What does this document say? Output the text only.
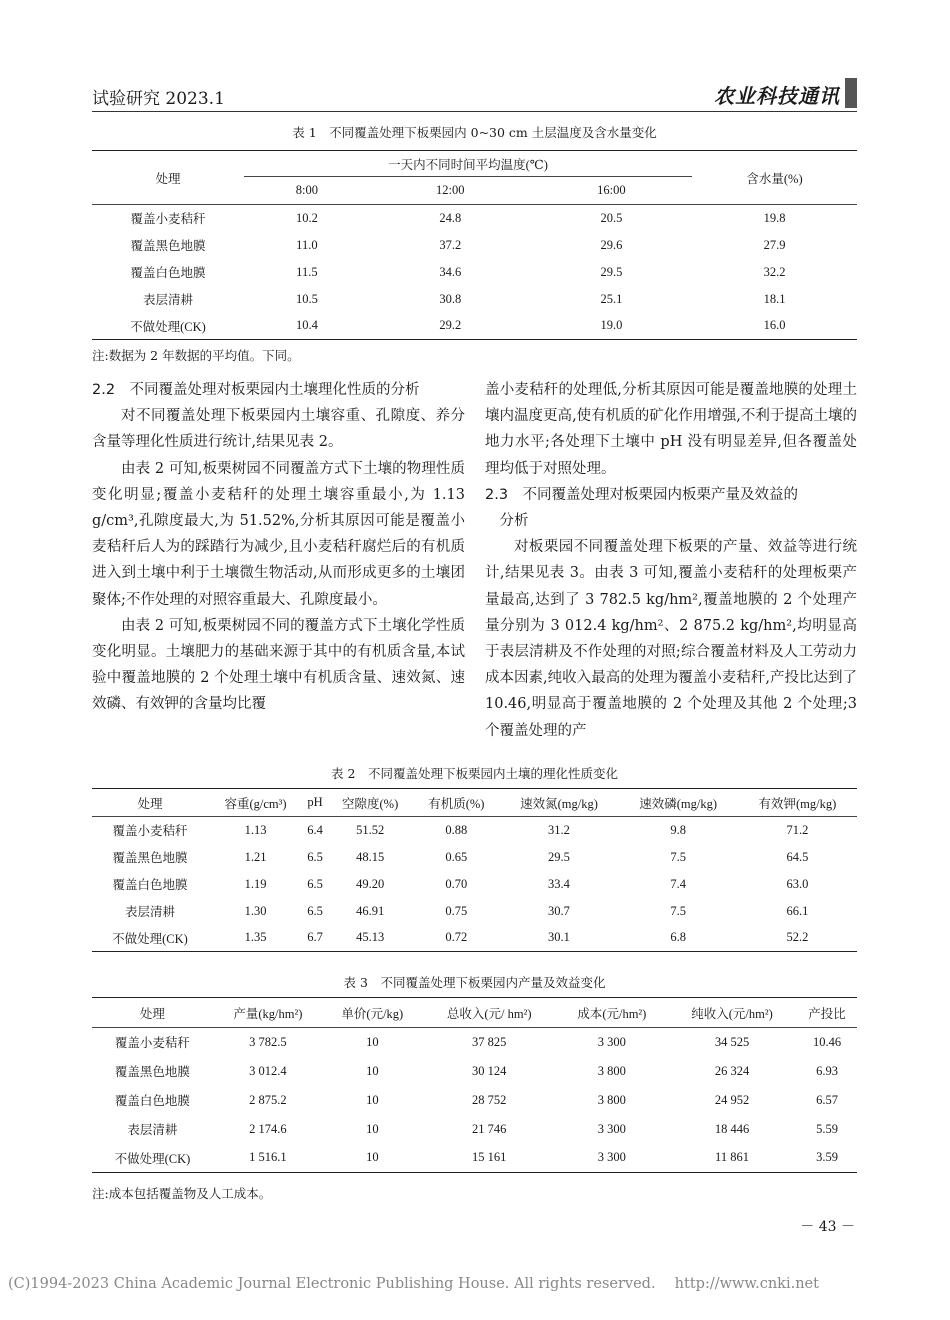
试验研究 2023.1	农业科技通讯
表 1　不同覆盖处理下板栗园内 0~30 cm 土层温度及含水量变化
处理	一天内不同时间平均温度(℃)			含水量(%)
	8:00	12:00	16:00	
覆盖小麦秸秆	10.2	24.8	20.5	19.8
覆盖黑色地膜	11.0	37.2	29.6	27.9
覆盖白色地膜	11.5	34.6	29.5	32.2
表层清耕	10.5	30.8	25.1	18.1
不做处理(CK)	10.4	29.2	19.0	16.0
注:数据为 2 年数据的平均值。下同。
2.2　不同覆盖处理对板栗园内土壤理化性质的分析

对不同覆盖处理下板栗园内土壤容重、孔隙度、养分含量等理化性质进行统计,结果见表 2。

由表 2 可知,板栗树园不同覆盖方式下土壤的物理性质变化明显;覆盖小麦秸秆的处理土壤容重最小,为 1.13 g/cm³,孔隙度最大,为 51.52%,分析其原因可能是覆盖小麦秸秆后人为的踩踏行为减少,且小麦秸秆腐烂后的有机质进入到土壤中利于土壤微生物活动,从而形成更多的土壤团聚体;不作处理的对照容重最大、孔隙度最小。

由表 2 可知,板栗树园不同的覆盖方式下土壤化学性质变化明显。土壤肥力的基础来源于其中的有机质含量,本试验中覆盖地膜的 2 个处理土壤中有机质含量、速效氮、速效磷、有效钾的含量均比覆

盖小麦秸秆的处理低,分析其原因可能是覆盖地膜的处理土壤内温度更高,使有机质的矿化作用增强,不利于提高土壤的地力水平;各处理下土壤中 pH 没有明显差异,但各覆盖处理均低于对照处理。

2.3　不同覆盖处理对板栗园内板栗产量及效益的
分析

对板栗园不同覆盖处理下板栗的产量、效益等进行统计,结果见表 3。由表 3 可知,覆盖小麦秸秆的处理板栗产量最高,达到了 3 782.5 kg/hm²,覆盖地膜的 2 个处理产量分别为 3 012.4 kg/hm²、2 875.2 kg/hm²,均明显高于表层清耕及不作处理的对照;综合覆盖材料及人工劳动力成本因素,纯收入最高的处理为覆盖小麦秸秆,产投比达到了 10.46,明显高于覆盖地膜的 2 个处理及其他 2 个处理;3 个覆盖处理的产

表 2　不同覆盖处理下板栗园内土壤的理化性质变化
处理	容重(g/cm³)	pH	空隙度(%)	有机质(%)	速效氮(mg/kg)	速效磷(mg/kg)	有效钾(mg/kg)
覆盖小麦秸秆	1.13	6.4	51.52	0.88	31.2	9.8	71.2
覆盖黑色地膜	1.21	6.5	48.15	0.65	29.5	7.5	64.5
覆盖白色地膜	1.19	6.5	49.20	0.70	33.4	7.4	63.0
表层清耕	1.30	6.5	46.91	0.75	30.7	7.5	66.1
不做处理(CK)	1.35	6.7	45.13	0.72	30.1	6.8	52.2
表 3　不同覆盖处理下板栗园内产量及效益变化
处理	产量(kg/hm²)	单价(元/kg)	总收入(元/ hm²)	成本(元/hm²)	纯收入(元/hm²)	产投比
覆盖小麦秸秆	3 782.5	10	37 825	3 300	34 525	10.46
覆盖黑色地膜	3 012.4	10	30 124	3 800	26 324	6.93
覆盖白色地膜	2 875.2	10	28 752	3 800	24 952	6.57
表层清耕	2 174.6	10	21 746	3 300	18 446	5.59
不做处理(CK)	1 516.1	10	15 161	3 300	11 861	3.59
注:成本包括覆盖物及人工成本。
－ 43 －
(C)1994-2023 China Academic Journal Electronic Publishing House. All rights reserved.　 http://www.cnki.net
